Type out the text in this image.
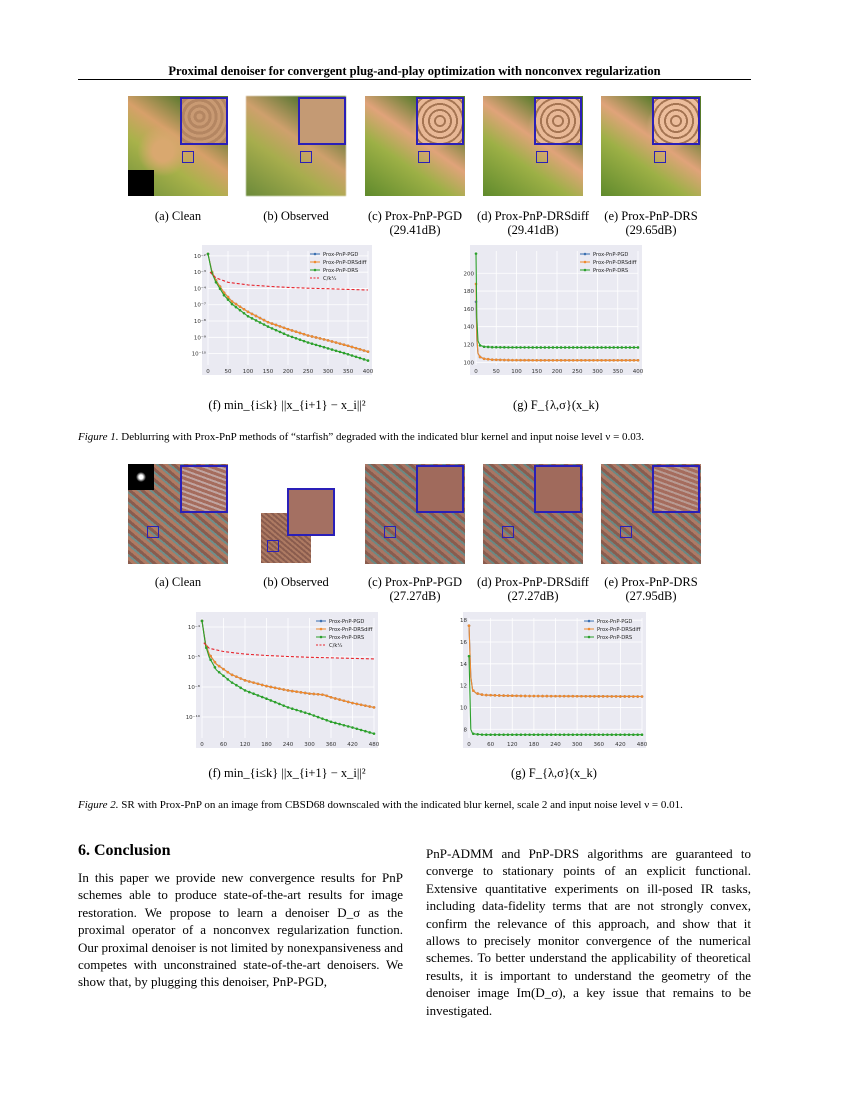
Proximal denoiser for convergent plug-and-play optimization with nonconvex regularization
(a) Clean	(b) Observed	(c) Prox-PnP-PGD
(29.41dB)
(d) Prox-PnP-DRSdiff
(29.41dB)
(e) Prox-PnP-DRS
(29.65dB)
0	50 100 150 200 250 300 350 400
10⁻²
10⁻³
10⁻⁴
10⁻⁷
10⁻⁸
10⁻⁹
10⁻¹⁰
Prox-PnP-PGD
Prox-PnP-DRSdiff
Prox-PnP-DRS
C/k¹⁄₂
0	50 100 150 200 250 300 350 400
100
120
140
160
180
200
Prox-PnP-PGD
Prox-PnP-DRSdiff
Prox-PnP-DRS
(f) min_{i≤k} ||x_{i+1} − x_i||²	(g) F_{λ,σ}(x_k)
Figure 1. Deblurring with Prox-PnP methods of “starfish” degraded with the indicated blur kernel and input noise level ν = 0.03.
(a) Clean	(b) Observed	(c) Prox-PnP-PGD
(27.27dB)
(d) Prox-PnP-DRSdiff
(27.27dB)
(e) Prox-PnP-DRS
(27.95dB)
0	60 120 180 240 300 360 420 480
10⁻⁴
10⁻⁵
10⁻⁸
10⁻¹⁰
Prox-PnP-PGD
Prox-PnP-DRSdiff
Prox-PnP-DRS
C/k¹⁄₂
0	60 120 180 240 300 360 420 480
8
10
12
14
16
18	Prox-PnP-PGD
Prox-PnP-DRSdiff
Prox-PnP-DRS
(f) min_{i≤k} ||x_{i+1} − x_i||²	(g) F_{λ,σ}(x_k)
Figure 2. SR with Prox-PnP on an image from CBSD68 downscaled with the indicated blur kernel, scale 2 and input noise level ν = 0.01.
6. Conclusion
In this paper we provide new convergence results for PnP schemes able to produce state-of-the-art results for image restoration. We propose to learn a denoiser D_σ as the proximal operator of a nonconvex regularization function. Our proximal denoiser is not limited by nonexpansiveness and competes with unconstrained state-of-the-art denoisers. We show that, by plugging this denoiser, PnP-PGD,
PnP-ADMM and PnP-DRS algorithms are guaranteed to converge to stationary points of an explicit functional. Extensive quantitative experiments on ill-posed IR tasks, including data-fidelity terms that are not strongly convex, confirm the relevance of this approach, and show that it allows to precisely monitor convergence of the numerical schemes. To better understand the applicability of theoretical results, it is important to understand the geometry of the denoiser image Im(D_σ), a key issue that remains to be investigated.
